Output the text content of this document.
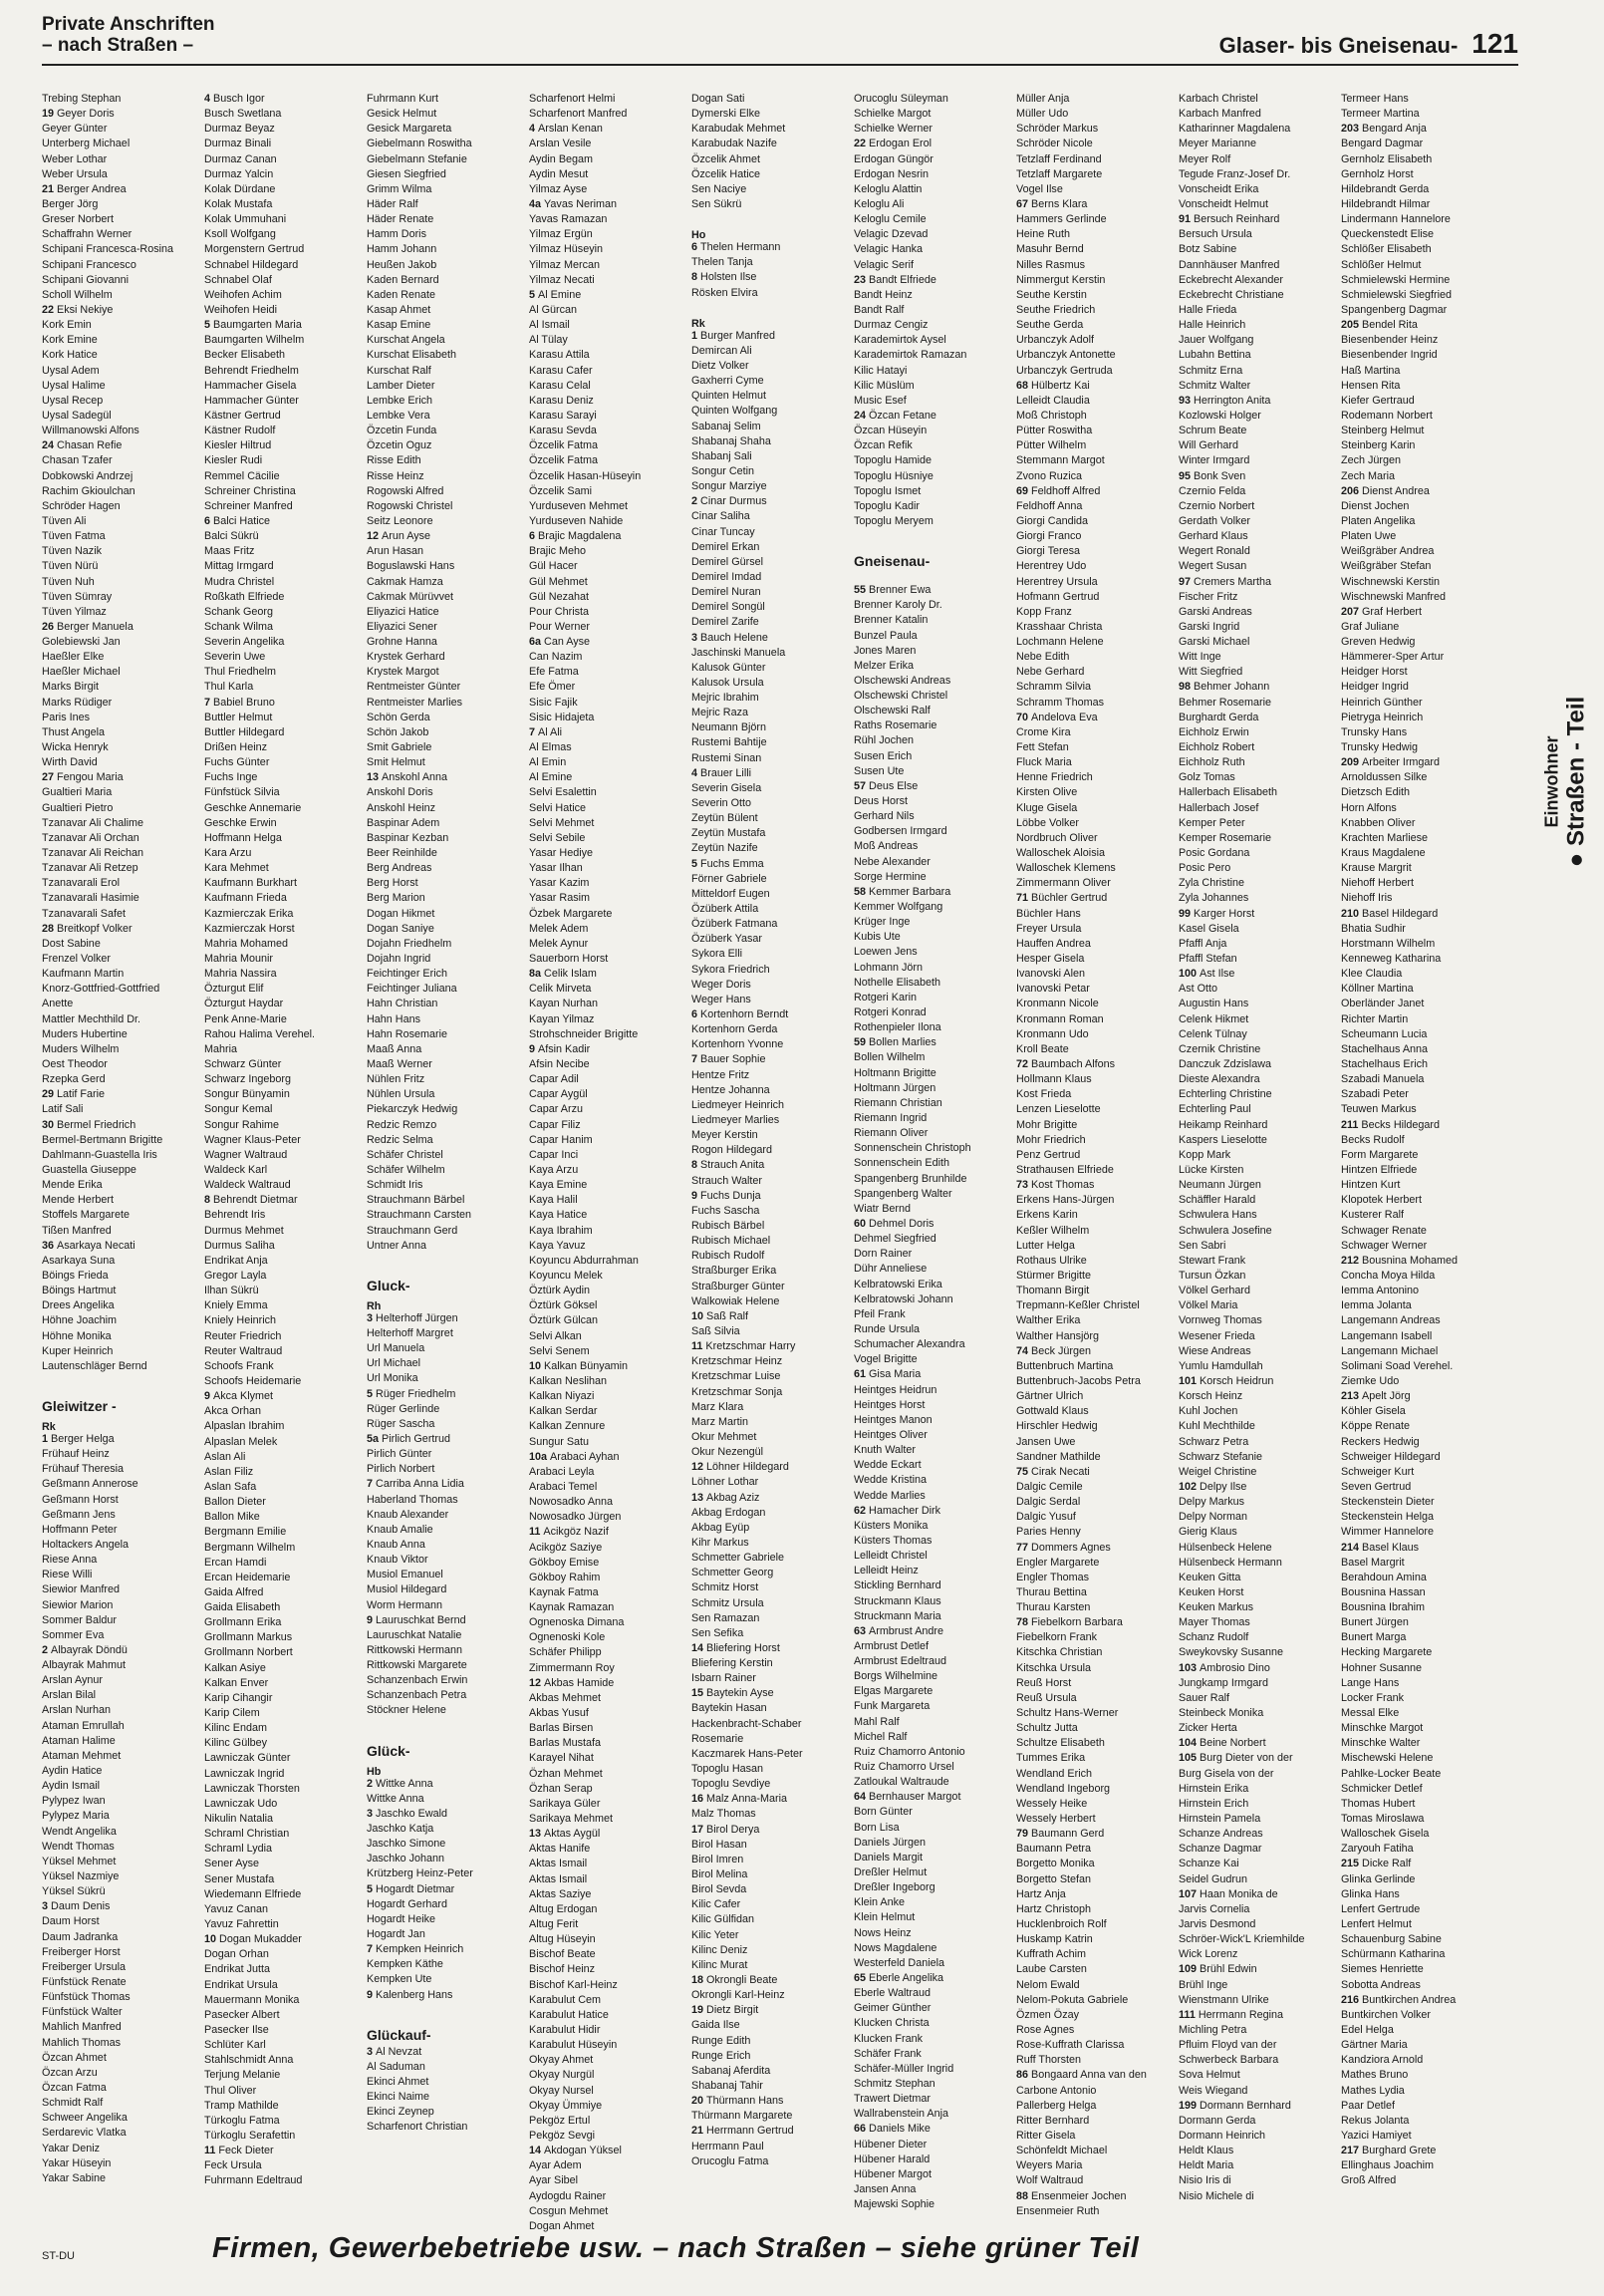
Private Anschriften
– nach Straßen –	Glaser- bis Gneisenau- 121
Trebing Stephan
19 Geyer Doris
Geyer Günter
Unterberg Michael
Weber Lothar
Weber Ursula
21 Berger Andrea
Berger Jörg
Greser Norbert
Schaffrahn Werner
Schipani Francesca-Rosina
Schipani Francesco
Schipani Giovanni
Scholl Wilhelm
22 Eksi Nekiye
Kork Emin
Kork Emine
Kork Hatice
Uysal Adem
Uysal Halime
Uysal Recep
Uysal Sadegül
Willmanowski Alfons
24 Chasan Refie
Chasan Tzafer
Dobkowski Andrzej
Rachim Gkioulchan
Schröder Hagen
Tüven Ali
Tüven Fatma
Tüven Nazik
Tüven Nürü
Tüven Nuh
Tüven Sümray
Tüven Yilmaz
26 Berger Manuela
Golebiewski Jan
Haeßler Elke
Haeßler Michael
Marks Birgit
Marks Rüdiger
Paris Ines
Thust Angela
Wicka Henryk
Wirth David
27 Fengou Maria
Gualtieri Maria
Gualtieri Pietro
Tzanavar Ali Chalime
Tzanavar Ali Orchan
Tzanavar Ali Reichan
Tzanavar Ali Retzep
Tzanavarali Erol
Tzanavarali Hasimie
Tzanavarali Safet
28 Breitkopf Volker
Dost Sabine
Frenzel Volker
Kaufmann Martin
Knorz-Gottfried-Gottfried
Anette
Mattler Mechthild Dr.
Muders Hubertine
Muders Wilhelm
Oest Theodor
Rzepka Gerd
29 Latif Farie
Latif Sali
30 Bermel Friedrich
Bermel-Bertmann Brigitte
Dahlmann-Guastella Iris
Guastella Giuseppe
Mende Erika
Mende Herbert
Stoffels Margarete
Tißen Manfred
36 Asarkaya Necati
Asarkaya Suna
Böings Frieda
Böings Hartmut
Drees Angelika
Höhne Joachim
Höhne Monika
Kuper Heinrich
Lautenschläger Bernd
Gleiwitzer -
Rk
1 Berger Helga
Frühauf Heinz
Frühauf Theresia
Geßmann Annerose
Geßmann Horst
Geßmann Jens
Hoffmann Peter
Holtackers Angela
Riese Anna
Riese Willi
Siewior Manfred
Siewior Marion
Sommer Baldur
Sommer Eva
2 Albayrak Döndü
Albayrak Mahmut
Arslan Aynur
Arslan Bilal
Arslan Nurhan
Ataman Emrullah
Ataman Halime
Ataman Mehmet
Aydin Hatice
Aydin Ismail
Pylypez Iwan
Pylypez Maria
Wendt Angelika
Wendt Thomas
Yüksel Mehmet
Yüksel Nazmiye
Yüksel Sükrü
3 Daum Denis
Daum Horst
Daum Jadranka
Freiberger Horst
Freiberger Ursula
Fünfstück Renate
Fünfstück Thomas
Fünfstück Walter
Mahlich Manfred
Mahlich Thomas
Özcan Ahmet
Özcan Arzu
Özcan Fatma
Schmidt Ralf
Schweer Angelika
Serdarevic Vlatka
Yakar Deniz
Yakar Hüseyin
Yakar Sabine
4 Busch Igor
Busch Swetlana
Durmaz Beyaz
Durmaz Binali
Durmaz Canan
Durmaz Yalcin
Kolak Dürdane
Kolak Mustafa
Kolak Ummuhani
Ksoll Wolfgang
Morgenstern Gertrud
Schnabel Hildegard
Schnabel Olaf
Weihofen Achim
Weihofen Heidi
5 Baumgarten Maria
Baumgarten Wilhelm
Becker Elisabeth
Behrendt Friedhelm
Hammacher Gisela
Hammacher Günter
Kästner Gertrud
Kästner Rudolf
Kiesler Hiltrud
Kiesler Rudi
Remmel Cäcilie
Schreiner Christina
Schreiner Manfred
6 Balci Hatice
Balci Sükrü
Maas Fritz
Mittag Irmgard
Mudra Christel
Roßkath Elfriede
Schank Georg
Schank Wilma
Severin Angelika
Severin Uwe
Thul Friedhelm
Thul Karla
7 Babiel Bruno
Buttler Helmut
Buttler Hildegard
Drißen Heinz
Fuchs Günter
Fuchs Inge
Fünfstück Silvia
Geschke Annemarie
Geschke Erwin
Hoffmann Helga
Kara Arzu
Kara Mehmet
Kaufmann Burkhart
Kaufmann Frieda
Kazmierczak Erika
Kazmierczak Horst
Mahria Mohamed
Mahria Mounir
Mahria Nassira
Özturgut Elif
Özturgut Haydar
Penk Anne-Marie
Rahou Halima Verehel.
Mahria
Schwarz Günter
Schwarz Ingeborg
Songur Bünyamin
Songur Kemal
Songur Rahime
Wagner Klaus-Peter
Wagner Waltraud
Waldeck Karl
Waldeck Waltraud
8 Behrendt Dietmar
Behrendt Iris
Durmus Mehmet
Durmus Saliha
Endrikat Anja
Gregor Layla
Ilhan Sükrü
Kniely Emma
Kniely Heinrich
Reuter Friedrich
Reuter Waltraud
Schoofs Frank
Schoofs Heidemarie
9 Akca Klymet
Akca Orhan
Alpaslan Ibrahim
Alpaslan Melek
Aslan Ali
Aslan Filiz
Aslan Safa
Ballon Dieter
Ballon Mike
Bergmann Emilie
Bergmann Wilhelm
Ercan Hamdi
Ercan Heidemarie
Gaida Alfred
Gaida Elisabeth
Grollmann Erika
Grollmann Markus
Grollmann Norbert
Kalkan Asiye
Kalkan Enver
Karip Cihangir
Karip Cilem
Kilinc Endam
Kilinc Gülbey
Lawniczak Günter
Lawniczak Ingrid
Lawniczak Thorsten
Lawniczak Udo
Nikulin Natalia
Schraml Christian
Schraml Lydia
Sener Ayse
Sener Mustafa
Wiedemann Elfriede
Yavuz Canan
Yavuz Fahrettin
10 Dogan Mukadder
Dogan Orhan
Endrikat Jutta
Endrikat Ursula
Mauermann Monika
Pasecker Albert
Pasecker Ilse
Schlüter Karl
Stahlschmidt Anna
Terjung Melanie
Thul Oliver
Tramp Mathilde
Türkoglu Fatma
Türkoglu Serafettin
11 Feck Dieter
Feck Ursula
Fuhrmann Edeltraud
Fuhrmann Kurt
Gesick Helmut
Gesick Margareta
Giebelmann Roswitha
Giebelmann Stefanie
Giesen Siegfried
Grimm Wilma
Häder Ralf
Häder Renate
Hamm Doris
Hamm Johann
Heußen Jakob
Kaden Bernard
Kaden Renate
Kasap Ahmet
Kasap Emine
Kurschat Angela
Kurschat Elisabeth
Kurschat Ralf
Lamber Dieter
Lembke Erich
Lembke Vera
Özcetin Funda
Özcetin Oguz
Risse Edith
Risse Heinz
Rogowski Alfred
Rogowski Christel
Seitz Leonore
12 Arun Ayse
Arun Hasan
Boguslawski Hans
Cakmak Hamza
Cakmak Mürüvvet
Eliyazici Hatice
Eliyazici Sener
Grohne Hanna
Krystek Gerhard
Krystek Margot
Rentmeister Günter
Rentmeister Marlies
Schön Gerda
Schön Jakob
Smit Gabriele
Smit Helmut
13 Anskohl Anna
Anskohl Doris
Anskohl Heinz
Baspinar Adem
Baspinar Kezban
Beer Reinhilde
Berg Andreas
Berg Horst
Berg Marion
Dogan Hikmet
Dogan Saniye
Dojahn Friedhelm
Dojahn Ingrid
Feichtinger Erich
Feichtinger Juliana
Hahn Christian
Hahn Hans
Hahn Rosemarie
Maaß Anna
Maaß Werner
Nühlen Fritz
Nühlen Ursula
Piekarczyk Hedwig
Redzic Remzo
Redzic Selma
Schäfer Christel
Schäfer Wilhelm
Schmidt Iris
Strauchmann Bärbel
Strauchmann Carsten
Strauchmann Gerd
Untner Anna
Gluck-
Rh
3 Helterhoff Jürgen
Helterhoff Margret
Url Manuela
Url Michael
Url Monika
5 Rüger Friedhelm
Rüger Gerlinde
Rüger Sascha
5a Pirlich Gertrud
Pirlich Günter
Pirlich Norbert
7 Carriba Anna Lidia
Haberland Thomas
Knaub Alexander
Knaub Amalie
Knaub Anna
Knaub Viktor
Musiol Emanuel
Musiol Hildegard
Worm Hermann
9 Lauruschkat Bernd
Lauruschkat Natalie
Rittkowski Hermann
Rittkowski Margarete
Schanzenbach Erwin
Schanzenbach Petra
Stöckner Helene
Glück-
Hb
2 Wittke Anna
Wittke Anna
3 Jaschko Ewald
Jaschko Katja
Jaschko Simone
Jaschko Johann
Krützberg Heinz-Peter
5 Hogardt Dietmar
Hogardt Gerhard
Hogardt Heike
Hogardt Jan
7 Kempken Heinrich
Kempken Käthe
Kempken Ute
9 Kalenberg Hans
Glückauf-
3 Al Nevzat
Al Saduman
Ekinci Ahmet
Ekinci Naime
Ekinci Zeynep
Scharfenort Christian
Scharfenort Helmi
Scharfenort Manfred
4 Arslan Kenan
Arslan Vesile
Aydin Begam
Aydin Mesut
Yilmaz Ayse
4a Yavas Neriman
Yavas Ramazan
Yilmaz Ergün
Yilmaz Hüseyin
Yilmaz Mercan
Yilmaz Necati
5 Al Emine
Al Gürcan
Al Ismail
Al Tülay
Karasu Attila
Karasu Cafer
Karasu Celal
Karasu Deniz
Karasu Sarayi
Karasu Sevda
Özcelik Fatma
Özcelik Fatma
Özcelik Hasan-Hüseyin
Özcelik Sami
Yurduseven Mehmet
Yurduseven Nahide
6 Brajic Magdalena
Brajic Meho
Gül Hacer
Gül Mehmet
Gül Nezahat
Pour Christa
Pour Werner
6a Can Ayse
Can Nazim
Efe Fatma
Efe Ömer
Sisic Fajik
Sisic Hidajeta
7 Al Ali
Al Elmas
Al Emin
Al Emine
Selvi Esalettin
Selvi Hatice
Selvi Mehmet
Selvi Sebile
Yasar Hediye
Yasar Ilhan
Yasar Kazim
Yasar Rasim
Özbek Margarete
Melek Adem
Melek Aynur
Sauerborn Horst
8a Celik Islam
Celik Mirveta
Kayan Nurhan
Kayan Yilmaz
Strohschneider Brigitte
9 Afsin Kadir
Afsin Necibe
Capar Adil
Capar Aygül
Capar Arzu
Capar Filiz
Capar Hanim
Capar Inci
Kaya Arzu
Kaya Emine
Kaya Halil
Kaya Hatice
Kaya Ibrahim
Kaya Yavuz
Koyuncu Abdurrahman
Koyuncu Melek
Öztürk Aydin
Öztürk Göksel
Öztürk Gülcan
Selvi Alkan
Selvi Senem
10 Kalkan Bünyamin
Kalkan Neslihan
Kalkan Niyazi
Kalkan Serdar
Kalkan Zennure
Sungur Satu
10a Arabaci Ayhan
Arabaci Leyla
Arabaci Temel
Nowosadko Anna
Nowosadko Jürgen
11 Acikgöz Nazif
Acikgöz Saziye
Gökboy Emise
Gökboy Rahim
Kaynak Fatma
Kaynak Ramazan
Ognenoska Dimana
Ognenoski Kole
Schäfer Philipp
Zimmermann Roy
12 Akbas Hamide
Akbas Mehmet
Akbas Yusuf
Barlas Birsen
Barlas Mustafa
Karayel Nihat
Özhan Mehmet
Özhan Serap
Sarikaya Güler
Sarikaya Mehmet
13 Aktas Aygül
Aktas Hanife
Aktas Ismail
Aktas Ismail
Aktas Saziye
Altug Erdogan
Altug Ferit
Altug Hüseyin
Bischof Beate
Bischof Heinz
Bischof Karl-Heinz
Karabulut Cem
Karabulut Hatice
Karabulut Hidir
Karabulut Hüseyin
Okyay Ahmet
Okyay Nurgül
Okyay Nursel
Okyay Ümmiye
Pekgöz Ertul
Pekgöz Sevgi
14 Akdogan Yüksel
Ayar Adem
Ayar Sibel
Aydogdu Rainer
Cosgun Mehmet
Dogan Ahmet
Dogan Sati
Dymerski Elke
Karabudak Mehmet
Karabudak Nazife
Özcelik Ahmet
Özcelik Hatice
Sen Naciye
Sen Sükrü
Ho
6 Thelen Hermann
Thelen Tanja
8 Holsten Ilse
Rösken Elvira
Rk
1 Burger Manfred
Demircan Ali
Dietz Volker
Gaxherri Cyme
Quinten Helmut
Quinten Wolfgang
Sabanaj Selim
Shabanaj Shaha
Shabanj Sali
Songur Cetin
Songur Marziye
2 Cinar Durmus
Cinar Saliha
Cinar Tuncay
Demirel Erkan
Demirel Gürsel
Demirel Imdad
Demirel Nuran
Demirel Songül
Demirel Zarife
3 Bauch Helene
Jaschinski Manuela
Kalusok Günter
Kalusok Ursula
Mejric Ibrahim
Mejric Raza
Neumann Björn
Rustemi Bahtije
Rustemi Sinan
4 Brauer Lilli
Severin Gisela
Severin Otto
Zeytün Bülent
Zeytün Mustafa
Zeytün Nazife
5 Fuchs Emma
Förner Gabriele
Mitteldorf Eugen
Özüberk Attila
Özüberk Fatmana
Özüberk Yasar
Sykora Elli
Sykora Friedrich
Weger Doris
Weger Hans
6 Kortenhorn Berndt
Kortenhorn Gerda
Kortenhorn Yvonne
7 Bauer Sophie
Hentze Fritz
Hentze Johanna
Liedmeyer Heinrich
Liedmeyer Marlies
Meyer Kerstin
Rogon Hildegard
8 Strauch Anita
Strauch Walter
9 Fuchs Dunja
Fuchs Sascha
Rubisch Bärbel
Rubisch Michael
Rubisch Rudolf
Straßburger Erika
Straßburger Günter
Walkowiak Helene
10 Saß Ralf
Saß Silvia
11 Kretzschmar Harry
Kretzschmar Heinz
Kretzschmar Luise
Kretzschmar Sonja
Marz Klara
Marz Martin
Okur Mehmet
Okur Nezengül
12 Löhner Hildegard
Löhner Lothar
13 Akbag Aziz
Akbag Erdogan
Akbag Eyüp
Kihr Markus
Schmetter Gabriele
Schmetter Georg
Schmitz Horst
Schmitz Ursula
Sen Ramazan
Sen Sefika
14 Bliefering Horst
Bliefering Kerstin
Isbarn Rainer
15 Baytekin Ayse
Baytekin Hasan
Hackenbracht-Schaber
Rosemarie
Kaczmarek Hans-Peter
Topoglu Hasan
Topoglu Sevdiye
16 Malz Anna-Maria
Malz Thomas
17 Birol Derya
Birol Hasan
Birol Imren
Birol Melina
Birol Sevda
Kilic Cafer
Kilic Gülfidan
Kilic Yeter
Kilinc Deniz
Kilinc Murat
18 Okrongli Beate
Okrongli Karl-Heinz
19 Dietz Birgit
Gaida Ilse
Runge Edith
Runge Erich
Sabanaj Aferdita
Shabanaj Tahir
20 Thürmann Hans
Thürmann Margarete
21 Herrmann Gertrud
Herrmann Paul
Orucoglu Fatma
Orucoglu Süleyman
Schielke Margot
Schielke Werner
22 Erdogan Erol
Erdogan Güngör
Erdogan Nesrin
Keloglu Alattin
Keloglu Ali
Keloglu Cemile
Velagic Dzevad
Velagic Hanka
Velagic Serif
23 Bandt Elfriede
Bandt Heinz
Bandt Ralf
Durmaz Cengiz
Karademirtok Aysel
Karademirtok Ramazan
Kilic Hatayi
Kilic Müslüm
Music Esef
24 Özcan Fetane
Özcan Hüseyin
Özcan Refik
Topoglu Hamide
Topoglu Hüsniye
Topoglu Ismet
Topoglu Kadir
Topoglu Meryem
Gneisenau-
55 Brenner Ewa
Brenner Karoly Dr.
Brenner Katalin
Bunzel Paula
Jones Maren
Melzer Erika
Olschewski Andreas
Olschewski Christel
Olschewski Ralf
Raths Rosemarie
Rühl Jochen
Susen Erich
Susen Ute
57 Deus Else
Deus Horst
Gerhard Nils
Godbersen Irmgard
Moß Andreas
Nebe Alexander
Sorge Hermine
58 Kemmer Barbara
Kemmer Wolfgang
Krüger Inge
Kubis Ute
Loewen Jens
Lohmann Jörn
Nothelle Elisabeth
Rotgeri Karin
Rotgeri Konrad
Rothenpieler Ilona
59 Bollen Marlies
Bollen Wilhelm
Holtmann Brigitte
Holtmann Jürgen
Riemann Christian
Riemann Ingrid
Riemann Oliver
Sonnenschein Christoph
Sonnenschein Edith
Spangenberg Brunhilde
Spangenberg Walter
Wiatr Bernd
60 Dehmel Doris
Dehmel Siegfried
Dorn Rainer
Dühr Anneliese
Kelbratowski Erika
Kelbratowski Johann
Pfeil Frank
Runde Ursula
Schumacher Alexandra
Vogel Brigitte
61 Gisa Maria
Heintges Heidrun
Heintges Horst
Heintges Manon
Heintges Oliver
Knuth Walter
Wedde Eckart
Wedde Kristina
Wedde Marlies
62 Hamacher Dirk
Küsters Monika
Küsters Thomas
Lelleidt Christel
Lelleidt Heinz
Stickling Bernhard
Struckmann Klaus
Struckmann Maria
63 Armbrust Andre
Armbrust Detlef
Armbrust Edeltraud
Borgs Wilhelmine
Elgas Margarete
Funk Margareta
Mahl Ralf
Michel Ralf
Ruiz Chamorro Antonio
Ruiz Chamorro Ursel
Zatloukal Waltraude
64 Bernhauser Margot
Born Günter
Born Lisa
Daniels Jürgen
Daniels Margit
Dreßler Helmut
Dreßler Ingeborg
Klein Anke
Klein Helmut
Nows Heinz
Nows Magdalene
Westerfeld Daniela
65 Eberle Angelika
Eberle Waltraud
Geimer Günther
Klucken Christa
Klucken Frank
Schäfer Frank
Schäfer-Müller Ingrid
Schmitz Stephan
Trawert Dietmar
Wallrabenstein Anja
66 Daniels Mike
Hübener Dieter
Hübener Harald
Hübener Margot
Jansen Anna
Majewski Sophie
Müller Anja
Müller Udo
Schröder Markus
Schröder Nicole
Tetzlaff Ferdinand
Tetzlaff Margarete
Vogel Ilse
67 Berns Klara
Hammers Gerlinde
Heine Ruth
Masuhr Bernd
Nilles Rasmus
Nimmergut Kerstin
Seuthe Kerstin
Seuthe Friedrich
Seuthe Gerda
Urbanczyk Adolf
Urbanczyk Antonette
Urbanczyk Gertruda
68 Hülbertz Kai
Lelleidt Claudia
Moß Christoph
Pütter Roswitha
Pütter Wilhelm
Stemmann Margot
Zvono Ruzica
69 Feldhoff Alfred
Feldhoff Anna
Giorgi Candida
Giorgi Franco
Giorgi Teresa
Herentrey Udo
Herentrey Ursula
Hofmann Gertrud
Kopp Franz
Krasshaar Christa
Lochmann Helene
Nebe Edith
Nebe Gerhard
Schramm Silvia
Schramm Thomas
70 Andelova Eva
Crome Kira
Fett Stefan
Fluck Maria
Henne Friedrich
Kirsten Olive
Kluge Gisela
Löbbe Volker
Nordbruch Oliver
Walloschek Aloisia
Walloschek Klemens
Zimmermann Oliver
71 Büchler Gertrud
Büchler Hans
Freyer Ursula
Hauffen Andrea
Hesper Gisela
Ivanovski Alen
Ivanovski Petar
Kronmann Nicole
Kronmann Roman
Kronmann Udo
Kroll Beate
72 Baumbach Alfons
Hollmann Klaus
Kost Frieda
Lenzen Lieselotte
Mohr Brigitte
Mohr Friedrich
Penz Gertrud
Strathausen Elfriede
73 Kost Thomas
Erkens Hans-Jürgen
Erkens Karin
Keßler Wilhelm
Lutter Helga
Rothaus Ulrike
Stürmer Brigitte
Thomann Birgit
Trepmann-Keßler Christel
Walther Erika
Walther Hansjörg
74 Beck Jürgen
Buttenbruch Martina
Buttenbruch-Jacobs Petra
Gärtner Ulrich
Gottwald Klaus
Hirschler Hedwig
Jansen Uwe
Sandner Mathilde
75 Cirak Necati
Dalgic Cemile
Dalgic Serdal
Dalgic Yusuf
Paries Henny
77 Dommers Agnes
Engler Margarete
Engler Thomas
Thurau Bettina
Thurau Karsten
78 Fiebelkorn Barbara
Fiebelkorn Frank
Kitschka Christian
Kitschka Ursula
Reuß Horst
Reuß Ursula
Schultz Hans-Werner
Schultz Jutta
Schultze Elisabeth
Tummes Erika
Wendland Erich
Wendland Ingeborg
Wessely Heike
Wessely Herbert
79 Baumann Gerd
Baumann Petra
Borgetto Monika
Borgetto Stefan
Hartz Anja
Hartz Christoph
Hucklenbroich Rolf
Huskamp Katrin
Kuffrath Achim
Laube Carsten
Nelom Ewald
Nelom-Pokuta Gabriele
Özmen Özay
Rose Agnes
Rose-Kuffrath Clarissa
Ruff Thorsten
86 Bongaard Anna van den
Carbone Antonio
Pallerberg Helga
Ritter Bernhard
Ritter Gisela
Schönfeldt Michael
Weyers Maria
Wolf Waltraud
88 Ensenmeier Jochen
Ensenmeier Ruth
Karbach Christel
Karbach Manfred
Katharinner Magdalena
Meyer Marianne
Meyer Rolf
Tegude Franz-Josef Dr.
Vonscheidt Erika
Vonscheidt Helmut
91 Bersuch Reinhard
Bersuch Ursula
Botz Sabine
Dannhäuser Manfred
Eckebrecht Alexander
Eckebrecht Christiane
Halle Frieda
Halle Heinrich
Jauer Wolfgang
Lubahn Bettina
Schmitz Erna
Schmitz Walter
93 Herrington Anita
Kozlowski Holger
Schrum Beate
Will Gerhard
Winter Irmgard
95 Bonk Sven
Czernio Felda
Czernio Norbert
Gerdath Volker
Gerhard Klaus
Wegert Ronald
Wegert Susan
97 Cremers Martha
Fischer Fritz
Garski Andreas
Garski Ingrid
Garski Michael
Witt Inge
Witt Siegfried
98 Behmer Johann
Behmer Rosemarie
Burghardt Gerda
Eichholz Erwin
Eichholz Robert
Eichholz Ruth
Golz Tomas
Hallerbach Elisabeth
Hallerbach Josef
Kemper Peter
Kemper Rosemarie
Posic Gordana
Posic Pero
Zyla Christine
Zyla Johannes
99 Karger Horst
Kasel Gisela
Pfaffl Anja
Pfaffl Stefan
100 Ast Ilse
Ast Otto
Augustin Hans
Celenk Hikmet
Celenk Tülnay
Czernik Christine
Danczuk Zdzislawa
Dieste Alexandra
Echterling Christine
Echterling Paul
Heikamp Reinhard
Kaspers Lieselotte
Kopp Mark
Lücke Kirsten
Neumann Jürgen
Schäffler Harald
Schwulera Hans
Schwulera Josefine
Sen Sabri
Stewart Frank
Tursun Özkan
Völkel Gerhard
Völkel Maria
Vornweg Thomas
Wesener Frieda
Wiese Andreas
Yumlu Hamdullah
101 Korsch Heidrun
Korsch Heinz
Kuhl Jochen
Kuhl Mechthilde
Schwarz Petra
Schwarz Stefanie
Weigel Christine
102 Delpy Ilse
Delpy Markus
Delpy Norman
Gierig Klaus
Hülsenbeck Helene
Hülsenbeck Hermann
Keuken Gitta
Keuken Horst
Keuken Markus
Mayer Thomas
Schanz Rudolf
Sweykovsky Susanne
103 Ambrosio Dino
Jungkamp Irmgard
Sauer Ralf
Steinbeck Monika
Zicker Herta
104 Beine Norbert
105 Burg Dieter von der
Burg Gisela von der
Hirnstein Erika
Hirnstein Erich
Hirnstein Pamela
Schanze Andreas
Schanze Dagmar
Schanze Kai
Seidel Gudrun
107 Haan Monika de
Jarvis Cornelia
Jarvis Desmond
Schröer-Wick'L Kriemhilde
Wick Lorenz
109 Brühl Edwin
Brühl Inge
Wienstmann Ulrike
111 Herrmann Regina
Michling Petra
Pfluim Floyd van der
Schwerbeck Barbara
Sova Helmut
Weis Wiegand
199 Dormann Bernhard
Dormann Gerda
Dormann Heinrich
Heldt Klaus
Heldt Maria
Nisio Iris di
Nisio Michele di
Termeer Hans
Termeer Martina
203 Bengard Anja
Bengard Dagmar
Gernholz Elisabeth
Gernholz Horst
Hildebrandt Gerda
Hildebrandt Hilmar
Lindermann Hannelore
Queckenstedt Elise
Schlößer Elisabeth
Schlößer Helmut
Schmielewski Hermine
Schmielewski Siegfried
Spangenberg Dagmar
205 Bendel Rita
Biesenbender Heinz
Biesenbender Ingrid
Haß Martina
Hensen Rita
Kiefer Gertraud
Rodemann Norbert
Steinberg Helmut
Steinberg Karin
Zech Jürgen
Zech Maria
206 Dienst Andrea
Dienst Jochen
Platen Angelika
Platen Uwe
Weißgräber Andrea
Weißgräber Stefan
Wischnewski Kerstin
Wischnewski Manfred
207 Graf Herbert
Graf Juliane
Greven Hedwig
Hämmerer-Sper Artur
Heidger Horst
Heidger Ingrid
Heinrich Günther
Pietryga Heinrich
Trunsky Hans
Trunsky Hedwig
209 Arbeiter Irmgard
Arnoldussen Silke
Dietzsch Edith
Horn Alfons
Knabben Oliver
Krachten Marliese
Kraus Magdalene
Krause Margrit
Niehoff Herbert
Niehoff Iris
210 Basel Hildegard
Bhatia Sudhir
Horstmann Wilhelm
Kenneweg Katharina
Klee Claudia
Köllner Martina
Oberländer Janet
Richter Martin
Scheumann Lucia
Stachelhaus Anna
Stachelhaus Erich
Szabadi Manuela
Szabadi Peter
Teuwen Markus
211 Becks Hildegard
Becks Rudolf
Form Margarete
Hintzen Elfriede
Hintzen Kurt
Klopotek Herbert
Kusterer Ralf
Schwager Renate
Schwager Werner
212 Bousnina Mohamed
Concha Moya Hilda
Iemma Antonino
Iemma Jolanta
Langemann Andreas
Langemann Isabell
Langemann Michael
Solimani Soad Verehel.
Ziemke Udo
213 Apelt Jörg
Köhler Gisela
Köppe Renate
Reckers Hedwig
Schweiger Hildegard
Schweiger Kurt
Seven Gertrud
Steckenstein Dieter
Steckenstein Helga
Wimmer Hannelore
214 Basel Klaus
Basel Margrit
Berahdoun Amina
Bousnina Hassan
Bousnina Ibrahim
Bunert Jürgen
Bunert Marga
Hecking Margarete
Hohner Susanne
Lange Hans
Locker Frank
Messal Elke
Minschke Margot
Minschke Walter
Mischewski Helene
Pahlke-Locker Beate
Schmicker Detlef
Thomas Hubert
Tomas Miroslawa
Walloschek Gisela
Zaryouh Fatiha
215 Dicke Ralf
Glinka Gerlinde
Glinka Hans
Lenfert Gertrude
Lenfert Helmut
Schauenburg Sabine
Schürmann Katharina
Siemes Henriette
Sobotta Andreas
216 Buntkirchen Andrea
Buntkirchen Volker
Edel Helga
Gärtner Maria
Kandziora Arnold
Mathes Bruno
Mathes Lydia
Paar Detlef
Rekus Jolanta
Yazici Hamiyet
217 Burghard Grete
Ellinghaus Joachim
Groß Alfred
Einwohner ● Straßen - Teil
ST-DU	Firmen, Gewerbebetriebe usw. – nach Straßen – siehe grüner Teil
